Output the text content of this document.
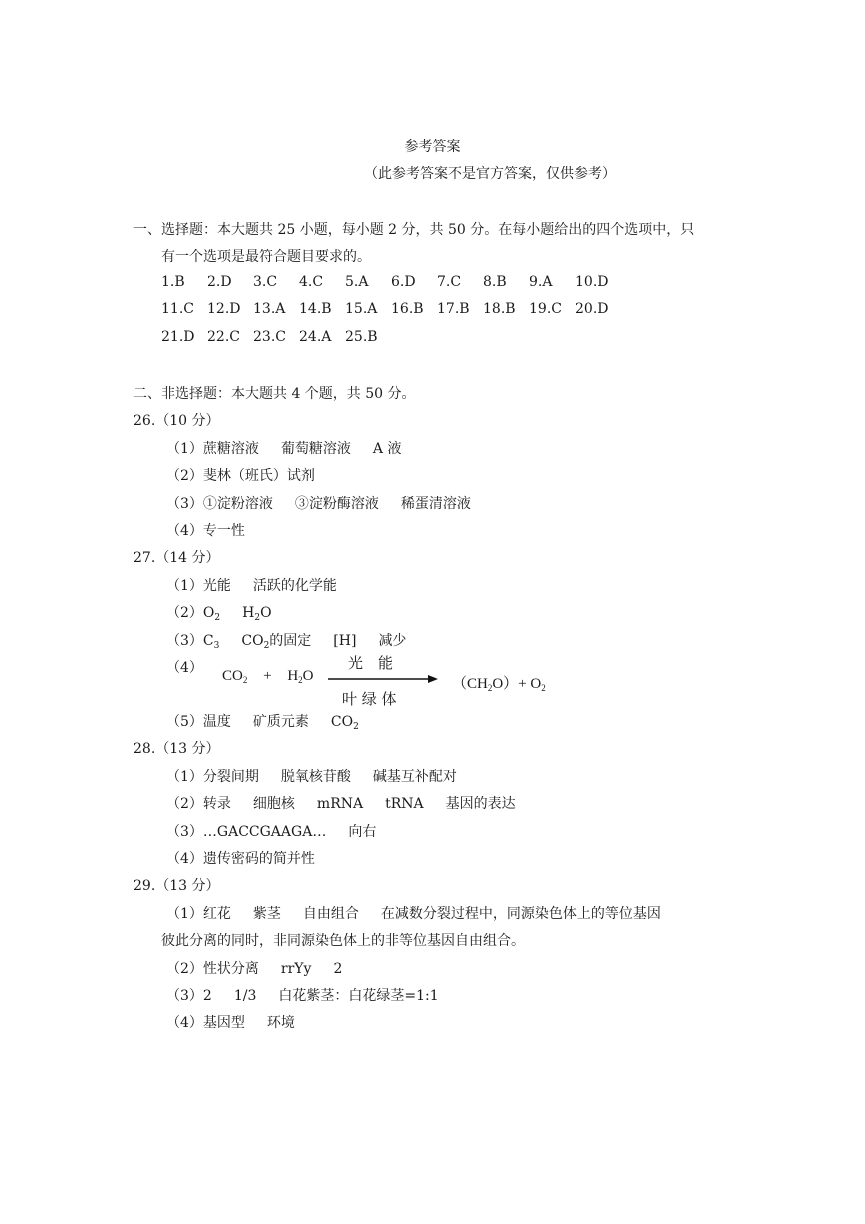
参考答案
（此参考答案不是官方答案，仅供参考）
一、选择题：本大题共 25 小题，每小题 2 分，共 50 分。在每小题给出的四个选项中，只
有一个选项是最符合题目要求的。
1.B 2.D 3.C 4.C 5.A 6.D 7.C 8.B 9.A 10.D
11.C 12.D 13.A 14.B 15.A 16.B 17.B 18.B 19.C 20.D
21.D 22.C 23.C 24.A 25.B
二、非选择题：本大题共 4 个题，共 50 分。
26.（10 分）
（1）蔗糖溶液 葡萄糖溶液 A 液
（2）斐林（班氏）试剂
（3）①淀粉溶液 ③淀粉酶溶液 稀蛋清溶液
（4）专一性
27.（14 分）
（1）光能 活跃的化学能
$(2)O_2$ $H_2O$
$(3)C_3$ $CO_2$的固定 [H] 减少
（4） $CO_2 + H_2O$
光　能
叶 绿 体
$(CH_2O)+ O_2$
（5）温度 矿质元素 $CO_2$
28.（13 分）
（1）分裂间期 脱氧核苷酸 碱基互补配对
（2）转录 细胞核 mRNA tRNA 基因的表达
（3）…GACCGAAGA… 向右
（4）遗传密码的简并性
29.（13 分）
（1）红花 紫茎 自由组合 在减数分裂过程中，同源染色体上的等位基因
彼此分离的同时，非同源染色体上的非等位基因自由组合。
（2）性状分离 rrYy 2
（3）2 1/3 白花紫茎：白花绿茎=1:1
（4）基因型 环境
